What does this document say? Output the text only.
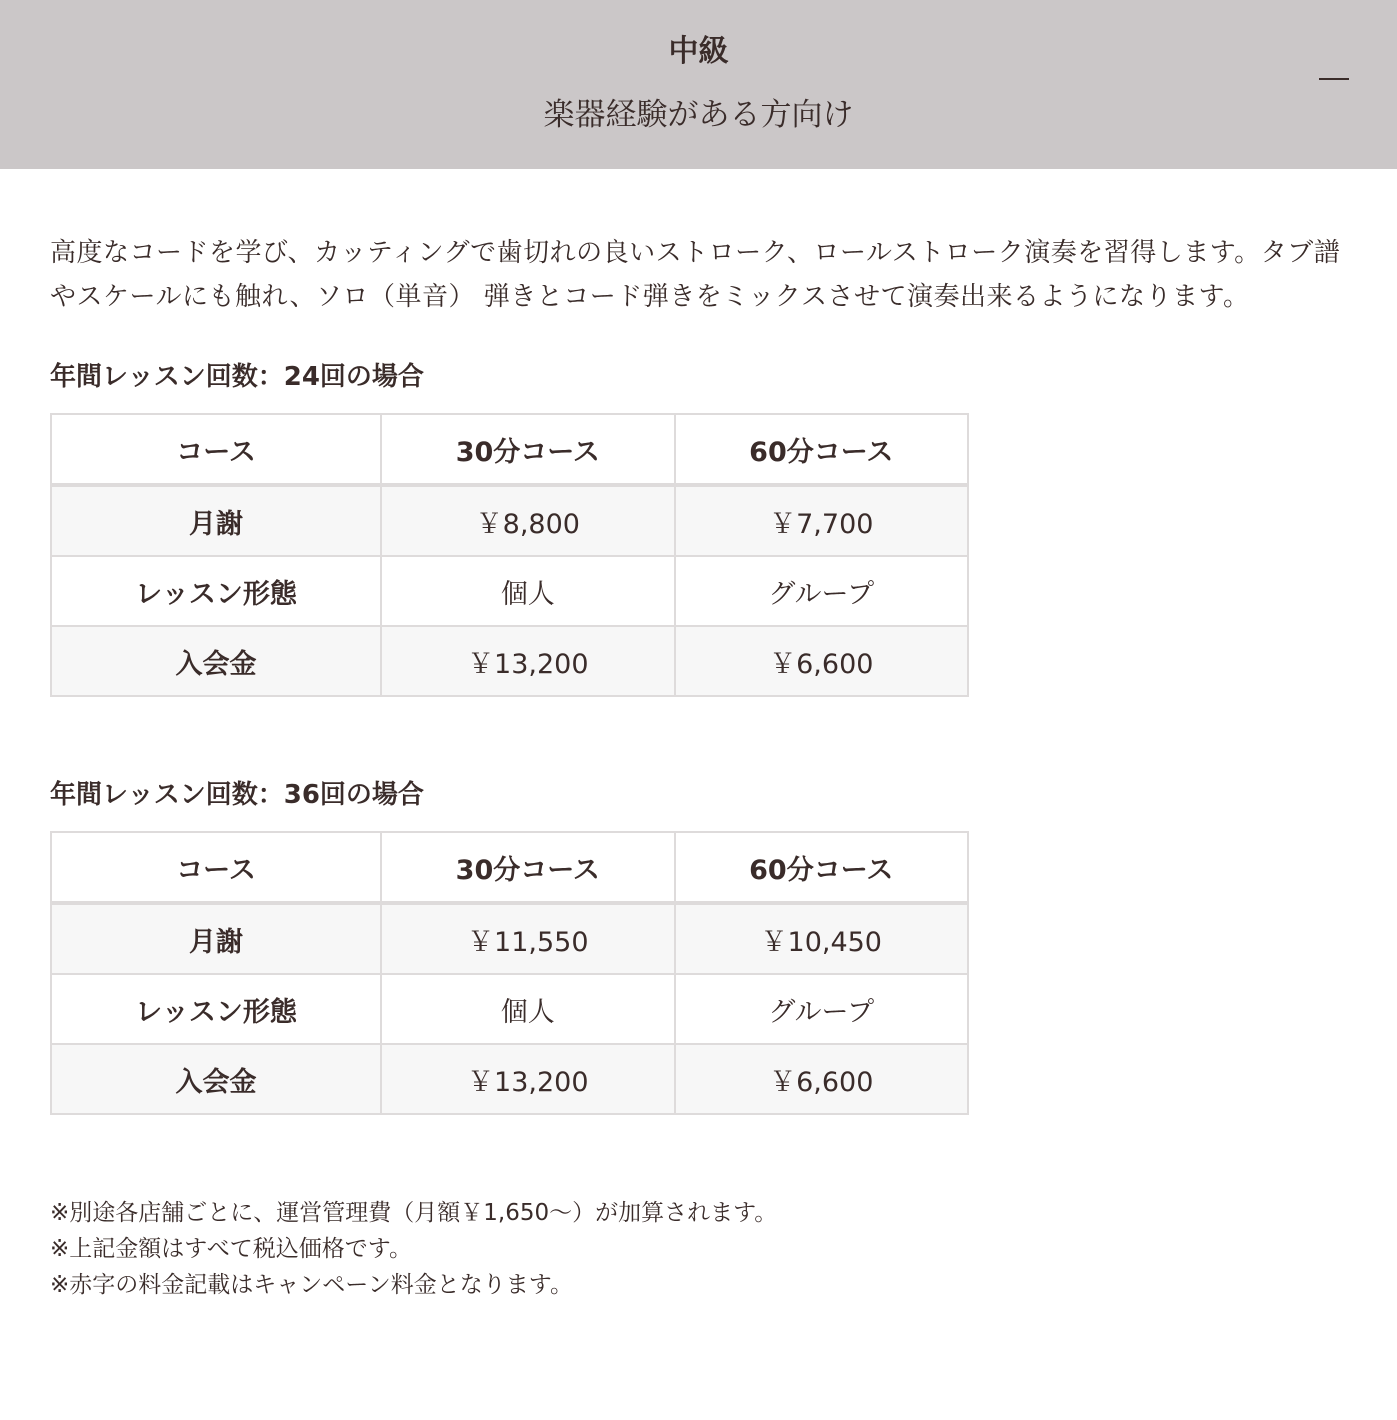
中級
楽器経験がある方向け

高度なコードを学び、カッティングで歯切れの良いストローク、ロールストローク演奏を習得します。タブ譜やスケールにも触れ、ソロ（単音） 弾きとコード弾きをミックスさせて演奏出来るようになります。

年間レッスン回数：24回の場合
コース	30分コース	60分コース
月謝	￥8,800	￥7,700
レッスン形態	個人	グループ
入会金	￥13,200	￥6,600
年間レッスン回数：36回の場合
コース	30分コース	60分コース
月謝	￥11,550	￥10,450
レッスン形態	個人	グループ
入会金	￥13,200	￥6,600
※別途各店舗ごとに、運営管理費（月額￥1,650〜）が加算されます。
※上記金額はすべて税込価格です。
※赤字の料金記載はキャンペーン料金となります。
